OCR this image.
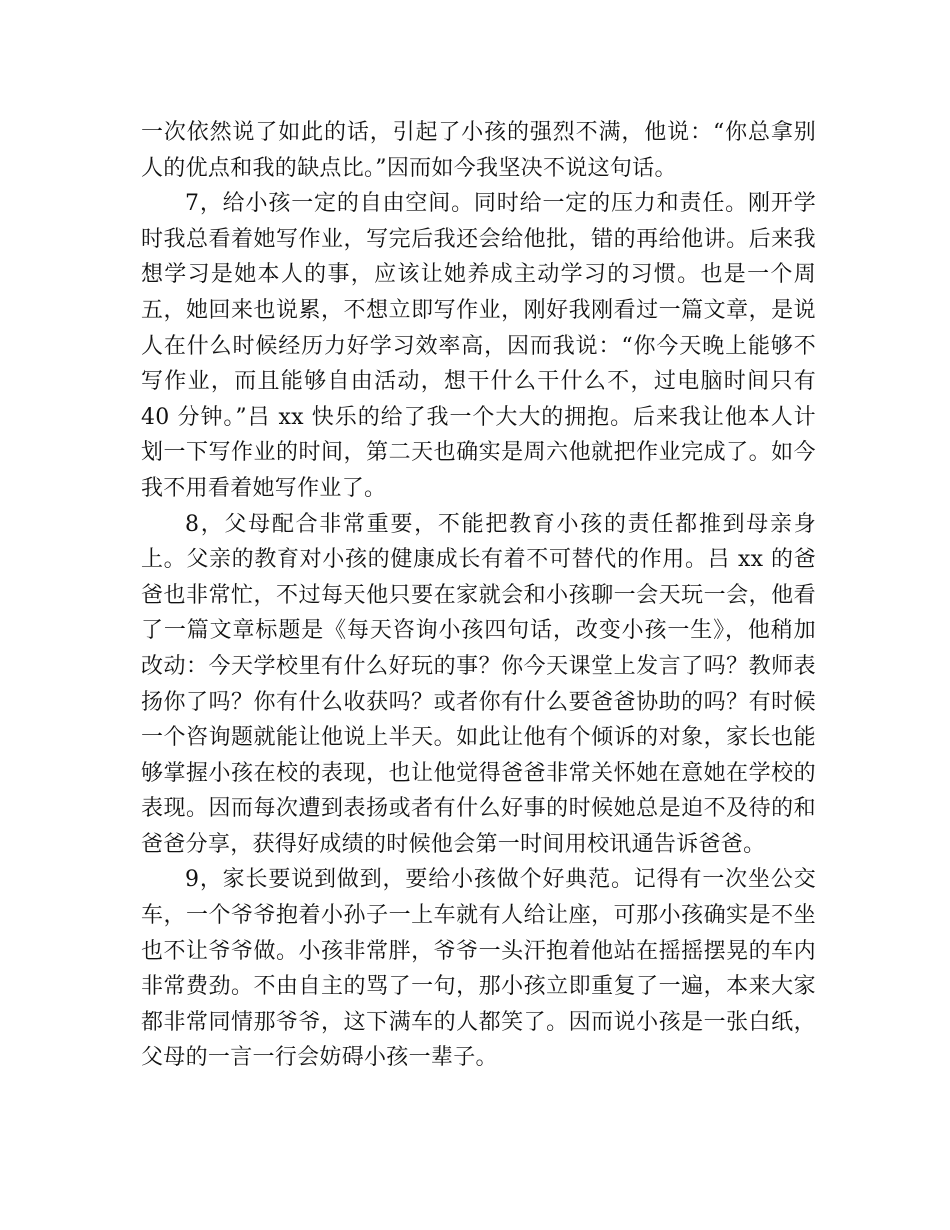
一次依然说了如此的话，引起了小孩的强烈不满，他说：“你总拿别人的优点和我的缺点比。”因而如今我坚决不说这句话。

7，给小孩一定的自由空间。同时给一定的压力和责任。刚开学时我总看着她写作业，写完后我还会给他批，错的再给他讲。后来我想学习是她本人的事，应该让她养成主动学习的习惯。也是一个周五，她回来也说累，不想立即写作业，刚好我刚看过一篇文章，是说人在什么时候经历力好学习效率高，因而我说：“你今天晚上能够不写作业，而且能够自由活动，想干什么干什么不，过电脑时间只有 40 分钟。”吕 xx 快乐的给了我一个大大的拥抱。后来我让他本人计划一下写作业的时间，第二天也确实是周六他就把作业完成了。如今我不用看着她写作业了。

8，父母配合非常重要，不能把教育小孩的责任都推到母亲身上。父亲的教育对小孩的健康成长有着不可替代的作用。吕 xx 的爸爸也非常忙，不过每天他只要在家就会和小孩聊一会天玩一会，他看了一篇文章标题是《每天咨询小孩四句话，改变小孩一生》，他稍加改动：今天学校里有什么好玩的事？你今天课堂上发言了吗？教师表扬你了吗？你有什么收获吗？或者你有什么要爸爸协助的吗？有时候一个咨询题就能让他说上半天。如此让他有个倾诉的对象，家长也能够掌握小孩在校的表现，也让他觉得爸爸非常关怀她在意她在学校的表现。因而每次遭到表扬或者有什么好事的时候她总是迫不及待的和爸爸分享，获得好成绩的时候他会第一时间用校讯通告诉爸爸。

9，家长要说到做到，要给小孩做个好典范。记得有一次坐公交车，一个爷爷抱着小孙子一上车就有人给让座，可那小孩确实是不坐也不让爷爷做。小孩非常胖，爷爷一头汗抱着他站在摇摇摆晃的车内非常费劲。不由自主的骂了一句，那小孩立即重复了一遍，本来大家都非常同情那爷爷，这下满车的人都笑了。因而说小孩是一张白纸，父母的一言一行会妨碍小孩一辈子。
